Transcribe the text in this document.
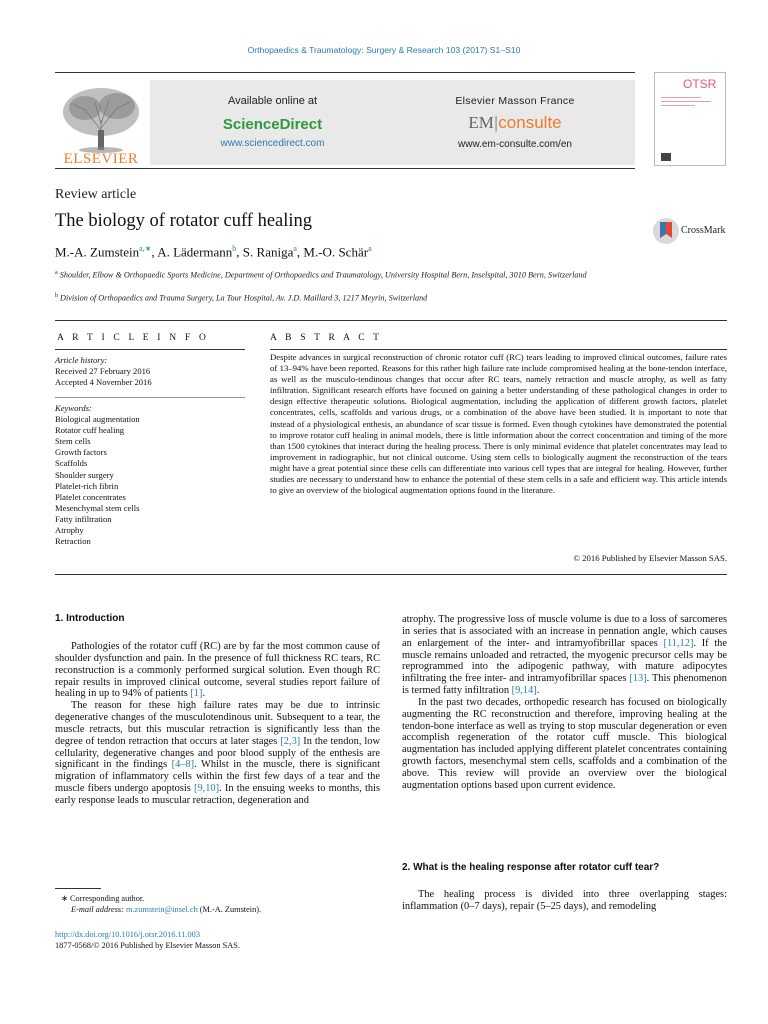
Orthopaedics & Traumatology: Surgery & Research 103 (2017) S1–S10
ELSEVIER
Available online at
ScienceDirect
www.sciencedirect.com
Elsevier Masson France
EM|consulte
www.em-consulte.com/en
OTSR
Review article
The biology of rotator cuff healing	CrossMark
M.-A. Zumstein$^{a,∗}$, A. Lädermann$^b$, S. Raniga$^a$, M.-O. Schär$^a$
$^a$ Shoulder, Elbow & Orthopaedic Sports Medicine, Department of Orthopaedics and Traumatology, University Hospital Bern, Inselspital, 3010 Bern, Switzerland
$^b$ Division of Orthopaedics and Trauma Surgery, La Tour Hospital, Av. J.D. Maillard 3, 1217 Meyrin, Switzerland
A R T I C L E I N F O
Article history:
Received 27 February 2016
Accepted 4 November 2016
Keywords:
Biological augmentation
Rotator cuff healing
Stem cells
Growth factors
Scaffolds
Shoulder surgery
Platelet-rich fibrin
Platelet concentrates
Mesenchymal stem cells
Fatty infiltration
Atrophy
Retraction
A B S T R A C T
Despite advances in surgical reconstruction of chronic rotator cuff (RC) tears leading to improved clinical outcomes, failure rates of 13–94% have been reported. Reasons for this rather high failure rate include compromised healing at the bone-tendon interface, as well as the musculo-tendinous changes that occur after RC tears, namely retraction and muscle atrophy, as well as fatty infiltration. Significant research efforts have focused on gaining a better understanding of these pathological changes in order to design effective therapeutic solutions. Biological augmentation, including the application of different growth factors, platelet concentrates, cells, scaffolds and various drugs, or a combination of the above have been studied. It is important to note that instead of a physiological enthesis, an abundance of scar tissue is formed. Even though cytokines have demonstrated the potential to improve rotator cuff healing in animal models, there is little information about the correct concentration and timing of the more than 1500 cytokines that interact during the healing process. There is only minimal evidence that platelet concentrates may lead to improvement in radiographic, but not clinical outcome. Using stem cells to biologically augment the reconstruction of the tears might have a great potential since these cells can differentiate into various cell types that are integral for healing. However, further studies are necessary to understand how to enhance the potential of these stem cells in a safe and efficient way. This article intends to give an overview of the biological augmentation options found in the literature.
© 2016 Published by Elsevier Masson SAS.
1. Introduction

Pathologies of the rotator cuff (RC) are by far the most common cause of shoulder dysfunction and pain. In the presence of full thickness RC tears, RC reconstruction is a commonly performed surgical solution. Even though RC repair results in improved clinical outcome, several studies report failure of healing in up to 94% of patients [1].

The reason for these high failure rates may be due to intrinsic degenerative changes of the musculotendinous unit. Subsequent to a tear, the muscle retracts, but this muscular retraction is significantly less than the degree of tendon retraction that occurs at later stages [2,3] In the tendon, low cellularity, degenerative changes and poor blood supply of the enthesis are significant in the findings [4–8]. Whilst in the muscle, there is significant migration of inflammatory cells within the first few days of a tear and the muscle fibers undergo apoptosis [9,10]. In the ensuing weeks to months, this early response leads to muscular retraction, degeneration and

atrophy. The progressive loss of muscle volume is due to a loss of sarcomeres in series that is associated with an increase in pennation angle, which causes an enlargement of the inter- and intramyofibrillar spaces [11,12]. If the muscle remains unloaded and retracted, the myogenic precursor cells may be reprogrammed into the adipogenic pathway, with mature adipocytes infiltrating the free inter- and intramyofibrillar spaces [13]. This phenomenon is termed fatty infiltration [9,14].

In the past two decades, orthopedic research has focused on biologically augmenting the RC reconstruction and therefore, improving healing at the tendon-bone interface as well as trying to stop muscular degeneration or even accomplish regeneration of the rotator cuff muscle. This biological augmentation has included applying different platelet concentrates containing growth factors, mesenchymal stem cells, scaffolds and a combination of the above. This review will provide an overview over the biological augmentation options based upon current evidence.

2. What is the healing response after rotator cuff tear?

The healing process is divided into three overlapping stages: inflammation (0–7 days), repair (5–25 days), and remodeling

∗ Corresponding author.
E-mail address: m.zumstein@insel.ch (M.-A. Zumstein).
http://dx.doi.org/10.1016/j.otsr.2016.11.003
1877-0568/© 2016 Published by Elsevier Masson SAS.
